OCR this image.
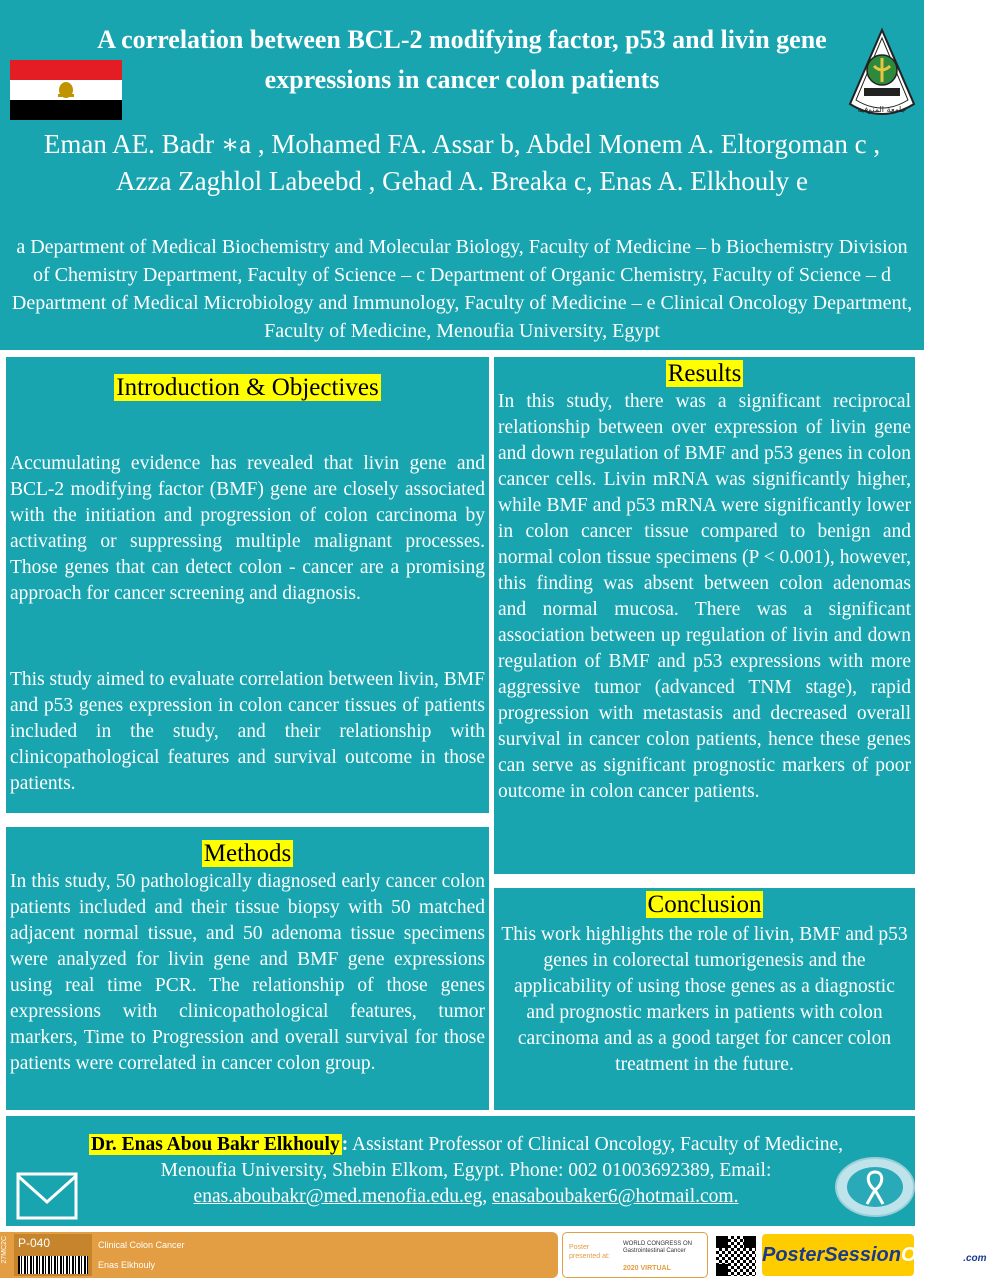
A correlation between BCL-2 modifying factor, p53 and livin gene expressions in cancer colon patients
جامعة المنوفية
Eman AE. Badr ∗a , Mohamed FA. Assar b, Abdel Monem A. Eltorgoman c ,
Azza Zaghlol Labeebd , Gehad A. Breaka c, Enas A. Elkhouly e
a Department of Medical Biochemistry and Molecular Biology, Faculty of Medicine – b Biochemistry Division of Chemistry Department, Faculty of Science – c Department of Organic Chemistry, Faculty of Science – d Department of Medical Microbiology and Immunology, Faculty of Medicine – e Clinical Oncology Department, Faculty of Medicine, Menoufia University, Egypt
Introduction & Objectives

Accumulating evidence has revealed that livin gene and BCL-2 modifying factor (BMF) gene are closely associated with the initiation and progression of colon carcinoma by activating or suppressing multiple malignant processes. Those genes that can detect colon - cancer are a promising approach for cancer screening and diagnosis.

This study aimed to evaluate correlation between livin, BMF and p53 genes expression in colon cancer tissues of patients included in the study, and their relationship with clinicopathological features and survival outcome in those patients.

Methods

In this study, 50 pathologically diagnosed early cancer colon patients included and their tissue biopsy with 50 matched adjacent normal tissue, and 50 adenoma tissue specimens were analyzed for livin gene and BMF gene expressions using real time PCR. The relationship of those genes expressions with clinicopathological features, tumor markers, Time to Progression and overall survival for those patients were correlated in cancer colon group.

Results

In this study, there was a significant reciprocal relationship between over expression of livin gene and down regulation of BMF and p53 genes in colon cancer cells. Livin mRNA was significantly higher, while BMF and p53 mRNA were significantly lower in colon cancer tissue compared to benign and normal colon tissue specimens (P < 0.001), however, this finding was absent between colon adenomas and normal mucosa. There was a significant association between up regulation of livin and down regulation of BMF and p53 expressions with more aggressive tumor (advanced TNM stage), rapid progression with metastasis and decreased overall survival in cancer colon patients, hence these genes can serve as significant prognostic markers of poor outcome in colon cancer patients.

Conclusion

This work highlights the role of livin, BMF and p53 genes in colorectal tumorigenesis and the applicability of using those genes as a diagnostic and prognostic markers in patients with colon carcinoma and as a good target for cancer colon treatment in the future.

Dr. Enas Abou Bakr Elkhouly : Assistant Professor of Clinical Oncology, Faculty of Medicine, Menoufia University, Shebin Elkom, Egypt. Phone: 002 01003692389, Email:
enas.aboubakr@med.menofia.edu.eg, enasaboubaker6@hotmail.com.
27MC2C P-040	Clinical Colon Cancer
Enas Elkhouly
Poster presented at:
WORLD CONGRESS ON Gastrointestinal Cancer
2020 VIRTUAL
PosterSessionOnline.com
